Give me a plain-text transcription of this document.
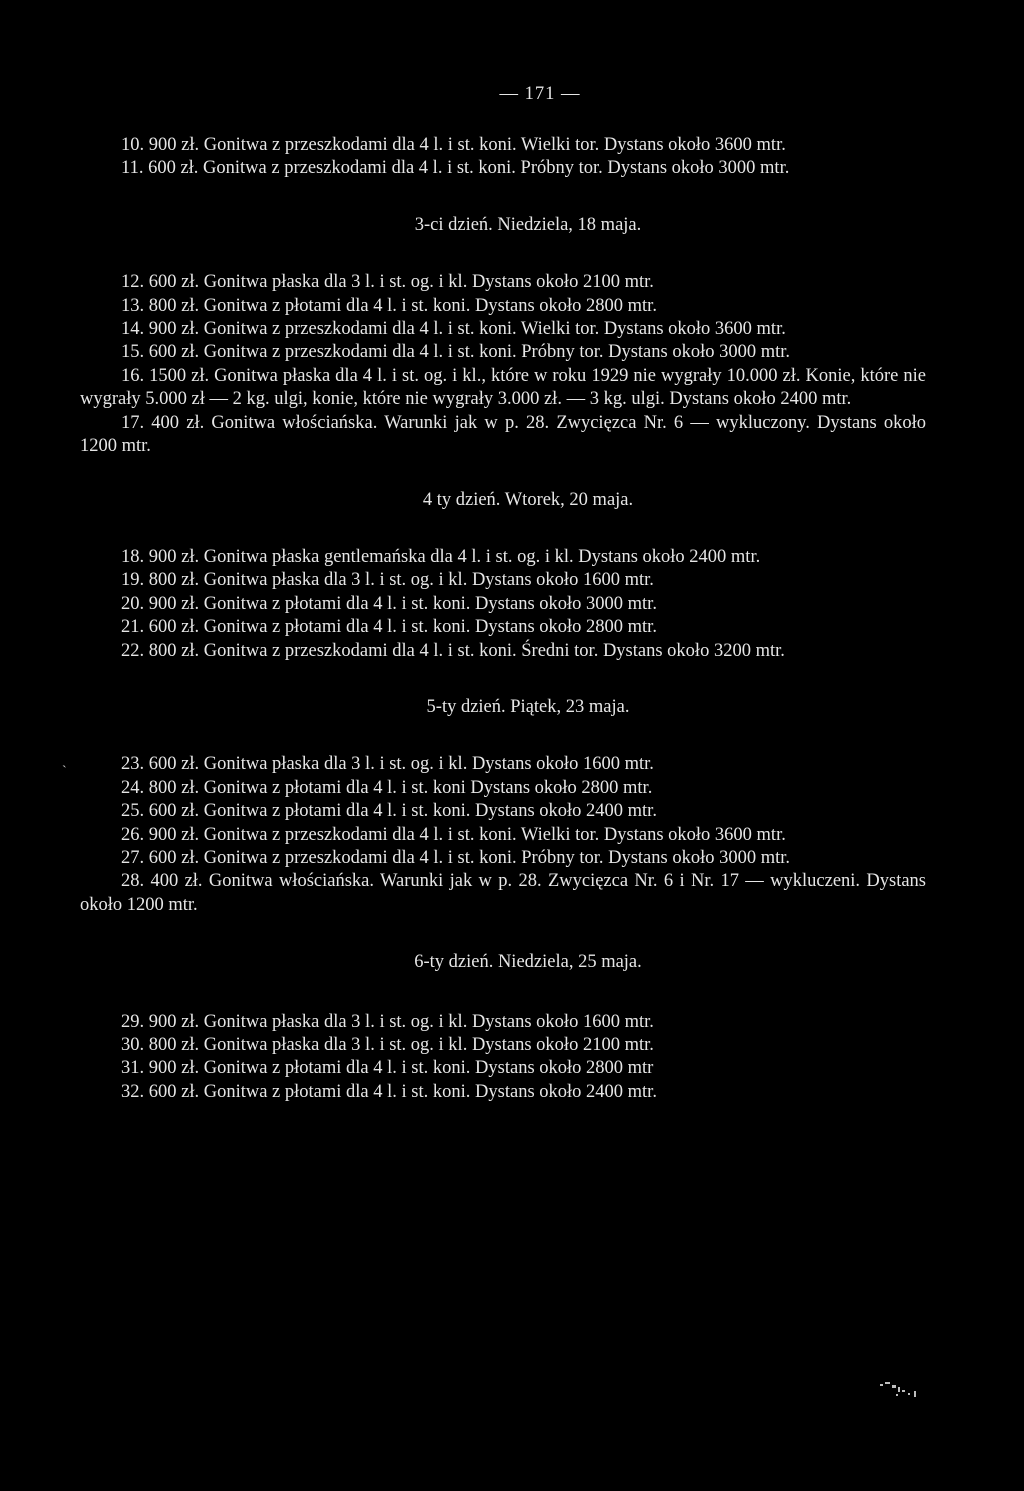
— 171 —

10. 900 zł. Gonitwa z przeszkodami dla 4 l. i st. koni. Wielki tor. Dystans około 3600 mtr.

11. 600 zł. Gonitwa z przeszkodami dla 4 l. i st. koni. Próbny tor. Dystans około 3000 mtr.

3-ci dzień. Niedziela, 18 maja.

12. 600 zł. Gonitwa płaska dla 3 l. i st. og. i kl. Dystans około 2100 mtr.

13. 800 zł. Gonitwa z płotami dla 4 l. i st. koni. Dystans około 2800 mtr.

14. 900 zł. Gonitwa z przeszkodami dla 4 l. i st. koni. Wielki tor. Dystans około 3600 mtr.

15. 600 zł. Gonitwa z przeszkodami dla 4 l. i st. koni. Próbny tor. Dystans około 3000 mtr.

16. 1500 zł. Gonitwa płaska dla 4 l. i st. og. i kl., które w roku 1929 nie wygrały 10.000 zł. Konie, które nie wygrały 5.000 zł — 2 kg. ulgi, konie, które nie wygrały 3.000 zł. — 3 kg. ulgi. Dystans około 2400 mtr.

17. 400 zł. Gonitwa włościańska. Warunki jak w p. 28. Zwycięzca Nr. 6 — wykluczony. Dystans około 1200 mtr.

4 ty dzień. Wtorek, 20 maja.

18. 900 zł. Gonitwa płaska gentlemańska dla 4 l. i st. og. i kl. Dystans około 2400 mtr.

19. 800 zł. Gonitwa płaska dla 3 l. i st. og. i kl. Dystans około 1600 mtr.

20. 900 zł. Gonitwa z płotami dla 4 l. i st. koni. Dystans około 3000 mtr.

21. 600 zł. Gonitwa z płotami dla 4 l. i st. koni. Dystans około 2800 mtr.

22. 800 zł. Gonitwa z przeszkodami dla 4 l. i st. koni. Średni tor. Dystans około 3200 mtr.

5-ty dzień. Piątek, 23 maja.

23. 600 zł. Gonitwa płaska dla 3 l. i st. og. i kl. Dystans około 1600 mtr.

24. 800 zł. Gonitwa z płotami dla 4 l. i st. koni Dystans około 2800 mtr.

25. 600 zł. Gonitwa z płotami dla 4 l. i st. koni. Dystans około 2400 mtr.

26. 900 zł. Gonitwa z przeszkodami dla 4 l. i st. koni. Wielki tor. Dystans około 3600 mtr.

27. 600 zł. Gonitwa z przeszkodami dla 4 l. i st. koni. Próbny tor. Dystans około 3000 mtr.

28. 400 zł. Gonitwa włościańska. Warunki jak w p. 28. Zwycięzca Nr. 6 i Nr. 17 — wykluczeni. Dystans około 1200 mtr.

6-ty dzień. Niedziela, 25 maja.

29. 900 zł. Gonitwa płaska dla 3 l. i st. og. i kl. Dystans około 1600 mtr.

30. 800 zł. Gonitwa płaska dla 3 l. i st. og. i kl. Dystans około 2100 mtr.

31. 900 zł. Gonitwa z płotami dla 4 l. i st. koni. Dystans około 2800 mtr

32. 600 zł. Gonitwa z płotami dla 4 l. i st. koni. Dystans około 2400 mtr.

`
